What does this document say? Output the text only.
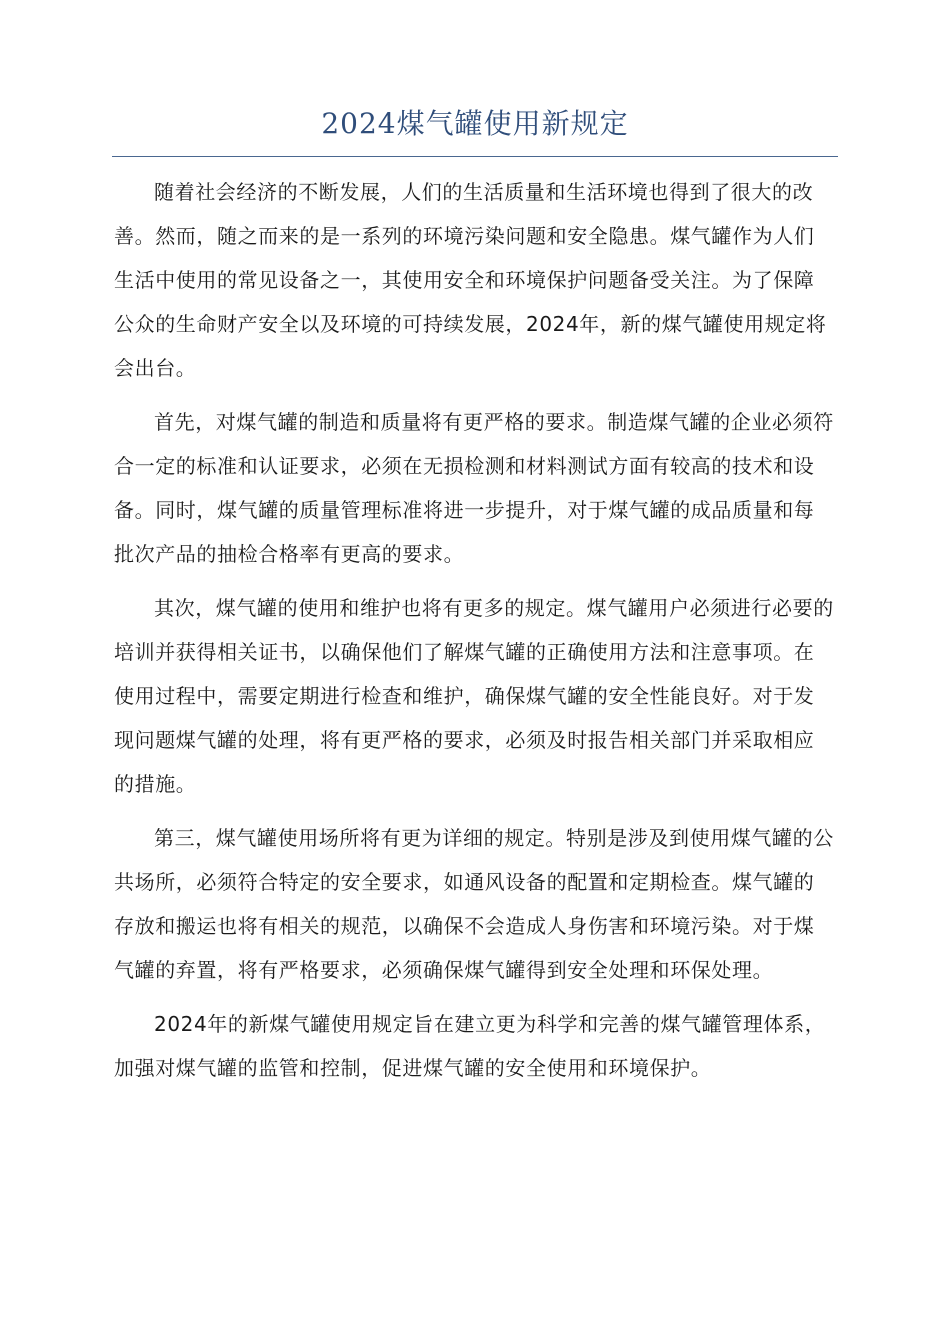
2024煤气罐使用新规定

随着社会经济的不断发展，人们的生活质量和生活环境也得到了很大的改善。然而，随之而来的是一系列的环境污染问题和安全隐患。煤气罐作为人们生活中使用的常见设备之一，其使用安全和环境保护问题备受关注。为了保障公众的生命财产安全以及环境的可持续发展，2024年，新的煤气罐使用规定将会出台。

首先，对煤气罐的制造和质量将有更严格的要求。制造煤气罐的企业必须符合一定的标准和认证要求，必须在无损检测和材料测试方面有较高的技术和设备。同时，煤气罐的质量管理标准将进一步提升，对于煤气罐的成品质量和每批次产品的抽检合格率有更高的要求。

其次，煤气罐的使用和维护也将有更多的规定。煤气罐用户必须进行必要的培训并获得相关证书，以确保他们了解煤气罐的正确使用方法和注意事项。在使用过程中，需要定期进行检查和维护，确保煤气罐的安全性能良好。对于发现问题煤气罐的处理，将有更严格的要求，必须及时报告相关部门并采取相应的措施。

第三，煤气罐使用场所将有更为详细的规定。特别是涉及到使用煤气罐的公共场所，必须符合特定的安全要求，如通风设备的配置和定期检查。煤气罐的存放和搬运也将有相关的规范，以确保不会造成人身伤害和环境污染。对于煤气罐的弃置，将有严格要求，必须确保煤气罐得到安全处理和环保处理。

2024年的新煤气罐使用规定旨在建立更为科学和完善的煤气罐管理体系，加强对煤气罐的监管和控制，促进煤气罐的安全使用和环境保护。
